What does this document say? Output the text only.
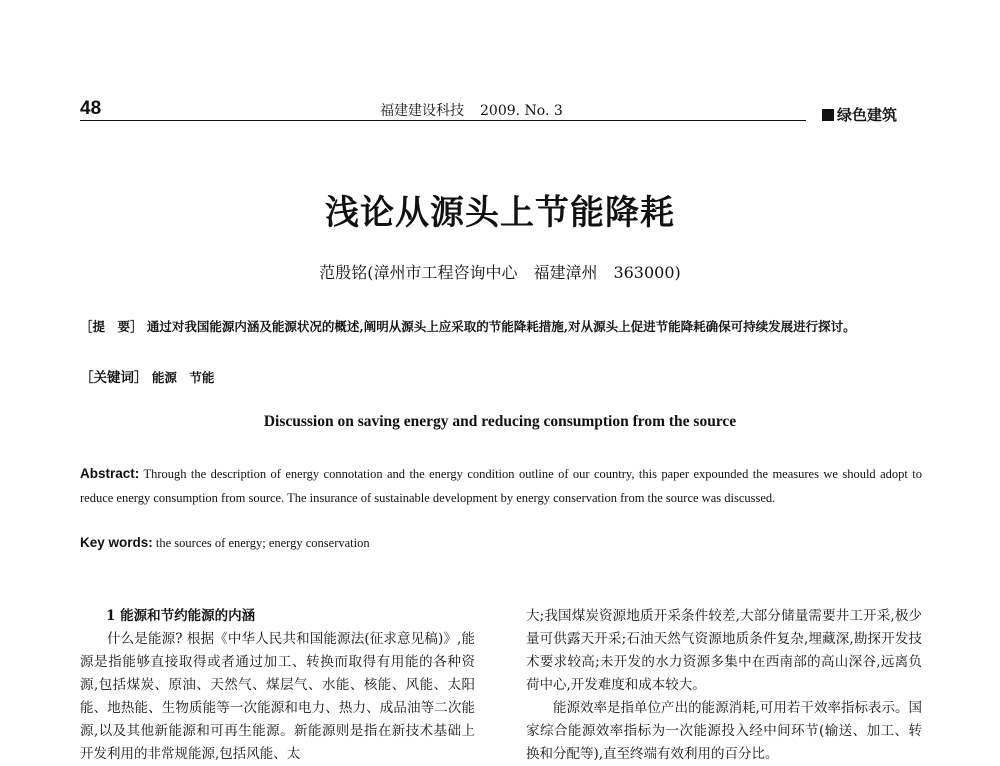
48	福建建设科技 2009. No. 3	绿色建筑
浅论从源头上节能降耗
范殷铭(漳州市工程咨询中心　福建漳州　363000)
［提　要］ 通过对我国能源内涵及能源状况的概述,阐明从源头上应采取的节能降耗措施,对从源头上促进节能降耗确保可持续发展进行探讨。
［关键词］ 能源　节能
Discussion on saving energy and reducing consumption from the source
Abstract: Through the description of energy connotation and the energy condition outline of our country, this paper expounded the measures we should adopt to reduce energy consumption from source. The insurance of sustainable development by energy conservation from the source was discussed.
Key words: the sources of energy; energy conservation
1 能源和节约能源的内涵
什么是能源? 根据《中华人民共和国能源法(征求意见稿)》,能源是指能够直接取得或者通过加工、转换而取得有用能的各种资源,包括煤炭、原油、天然气、煤层气、水能、核能、风能、太阳能、地热能、生物质能等一次能源和电力、热力、成品油等二次能源,以及其他新能源和可再生能源。新能源则是指在新技术基础上开发利用的非常规能源,包括风能、太
大;我国煤炭资源地质开采条件较差,大部分储量需要井工开采,极少量可供露天开采;石油天然气资源地质条件复杂,埋藏深,勘探开发技术要求较高;未开发的水力资源多集中在西南部的高山深谷,远离负荷中心,开发难度和成本较大。
能源效率是指单位产出的能源消耗,可用若干效率指标表示。国家综合能源效率指标为一次能源投入经中间环节(输送、加工、转换和分配等),直至终端有效利用的百分比。
